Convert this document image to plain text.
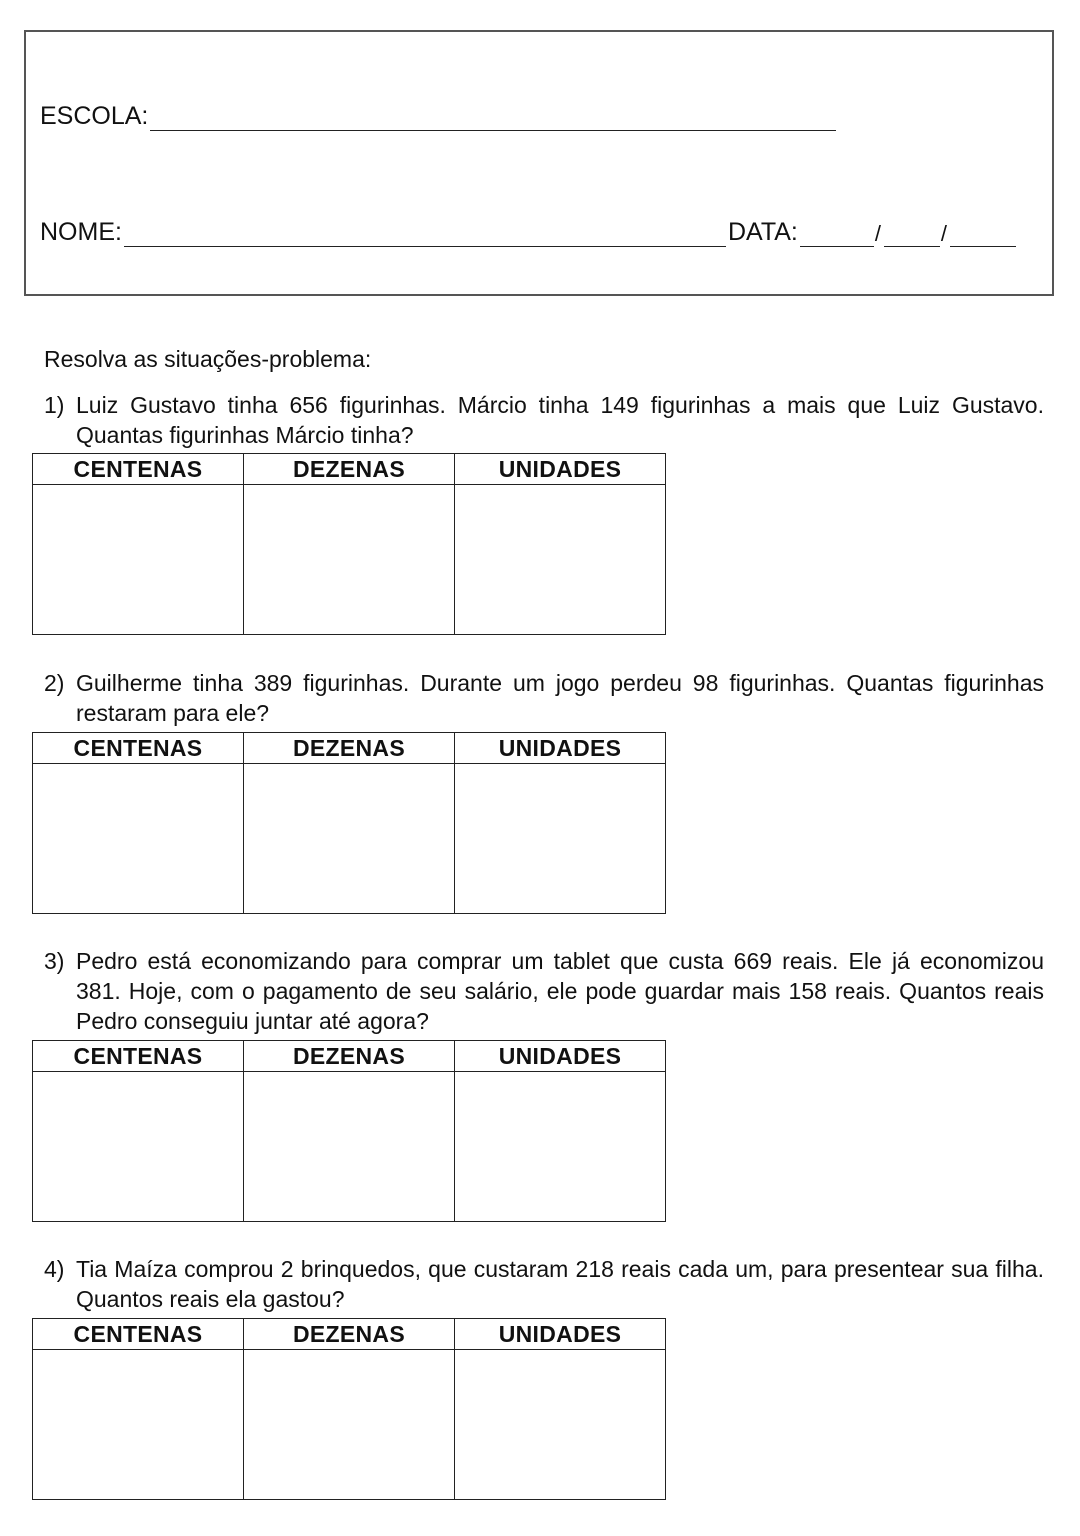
ESCOLA:
NOME:	DATA:	/	/
Resolva as situações-problema:
1) Luiz Gustavo tinha 656 figurinhas. Márcio tinha 149 figurinhas a mais que Luiz Gustavo. Quantas figurinhas Márcio tinha?
CENTENAS	DEZENAS	UNIDADES

2) Guilherme tinha 389 figurinhas. Durante um jogo perdeu 98 figurinhas. Quantas figurinhas restaram para ele?
CENTENAS	DEZENAS	UNIDADES

3) Pedro está economizando para comprar um tablet que custa 669 reais. Ele já economizou 381. Hoje, com o pagamento de seu salário, ele pode guardar mais 158 reais. Quantos reais Pedro conseguiu juntar até agora?
CENTENAS	DEZENAS	UNIDADES

4) Tia Maíza comprou 2 brinquedos, que custaram 218 reais cada um, para presentear sua filha. Quantos reais ela gastou?
CENTENAS	DEZENAS	UNIDADES
